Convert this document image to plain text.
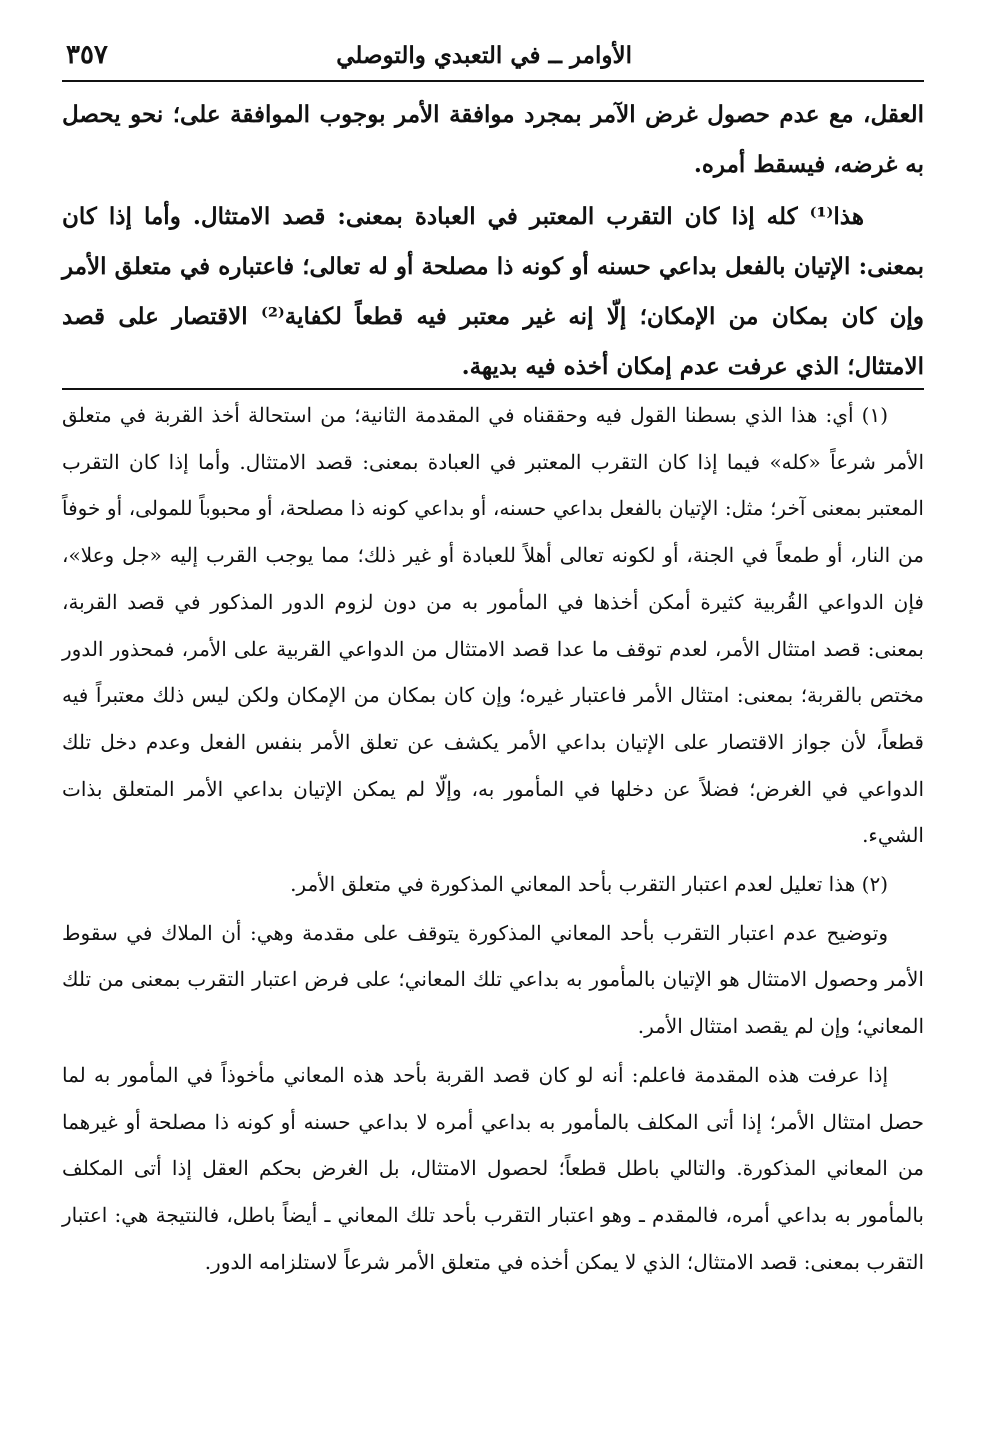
الأوامر ــ في التعبدي والتوصلي
٣٥٧

العقل، مع عدم حصول غرض الآمر بمجرد موافقة الأمر بوجوب الموافقة على؛ نحو يحصل به غرضه، فيسقط أمره.

هذا⁽¹⁾ كله إذا كان التقرب المعتبر في العبادة بمعنى: قصد الامتثال. وأما إذا كان بمعنى: الإتيان بالفعل بداعي حسنه أو كونه ذا مصلحة أو له تعالى؛ فاعتباره في متعلق الأمر وإن كان بمكان من الإمكان؛ إلّا إنه غير معتبر فيه قطعاً لكفاية⁽²⁾ الاقتصار على قصد الامتثال؛ الذي عرفت عدم إمكان أخذه فيه بديهة.

(١) أي: هذا الذي بسطنا القول فيه وحققناه في المقدمة الثانية؛ من استحالة أخذ القربة في متعلق الأمر شرعاً «كله» فيما إذا كان التقرب المعتبر في العبادة بمعنى: قصد الامتثال. وأما إذا كان التقرب المعتبر بمعنى آخر؛ مثل: الإتيان بالفعل بداعي حسنه، أو بداعي كونه ذا مصلحة، أو محبوباً للمولى، أو خوفاً من النار، أو طمعاً في الجنة، أو لكونه تعالى أهلاً للعبادة أو غير ذلك؛ مما يوجب القرب إليه «جل وعلا»، فإن الدواعي القُربية كثيرة أمكن أخذها في المأمور به من دون لزوم الدور المذكور في قصد القربة، بمعنى: قصد امتثال الأمر، لعدم توقف ما عدا قصد الامتثال من الدواعي القربية على الأمر، فمحذور الدور مختص بالقربة؛ بمعنى: امتثال الأمر فاعتبار غيره؛ وإن كان بمكان من الإمكان ولكن ليس ذلك معتبراً فيه قطعاً، لأن جواز الاقتصار على الإتيان بداعي الأمر يكشف عن تعلق الأمر بنفس الفعل وعدم دخل تلك الدواعي في الغرض؛ فضلاً عن دخلها في المأمور به، وإلّا لم يمكن الإتيان بداعي الأمر المتعلق بذات الشيء.

(٢) هذا تعليل لعدم اعتبار التقرب بأحد المعاني المذكورة في متعلق الأمر.

وتوضيح عدم اعتبار التقرب بأحد المعاني المذكورة يتوقف على مقدمة وهي: أن الملاك في سقوط الأمر وحصول الامتثال هو الإتيان بالمأمور به بداعي تلك المعاني؛ على فرض اعتبار التقرب بمعنى من تلك المعاني؛ وإن لم يقصد امتثال الأمر.

إذا عرفت هذه المقدمة فاعلم: أنه لو كان قصد القربة بأحد هذه المعاني مأخوذاً في المأمور به لما حصل امتثال الأمر؛ إذا أتى المكلف بالمأمور به بداعي أمره لا بداعي حسنه أو كونه ذا مصلحة أو غيرهما من المعاني المذكورة. والتالي باطل قطعاً؛ لحصول الامتثال، بل الغرض بحكم العقل إذا أتى المكلف بالمأمور به بداعي أمره، فالمقدم ـ وهو اعتبار التقرب بأحد تلك المعاني ـ أيضاً باطل، فالنتيجة هي: اعتبار التقرب بمعنى: قصد الامتثال؛ الذي لا يمكن أخذه في متعلق الأمر شرعاً لاستلزامه الدور.
